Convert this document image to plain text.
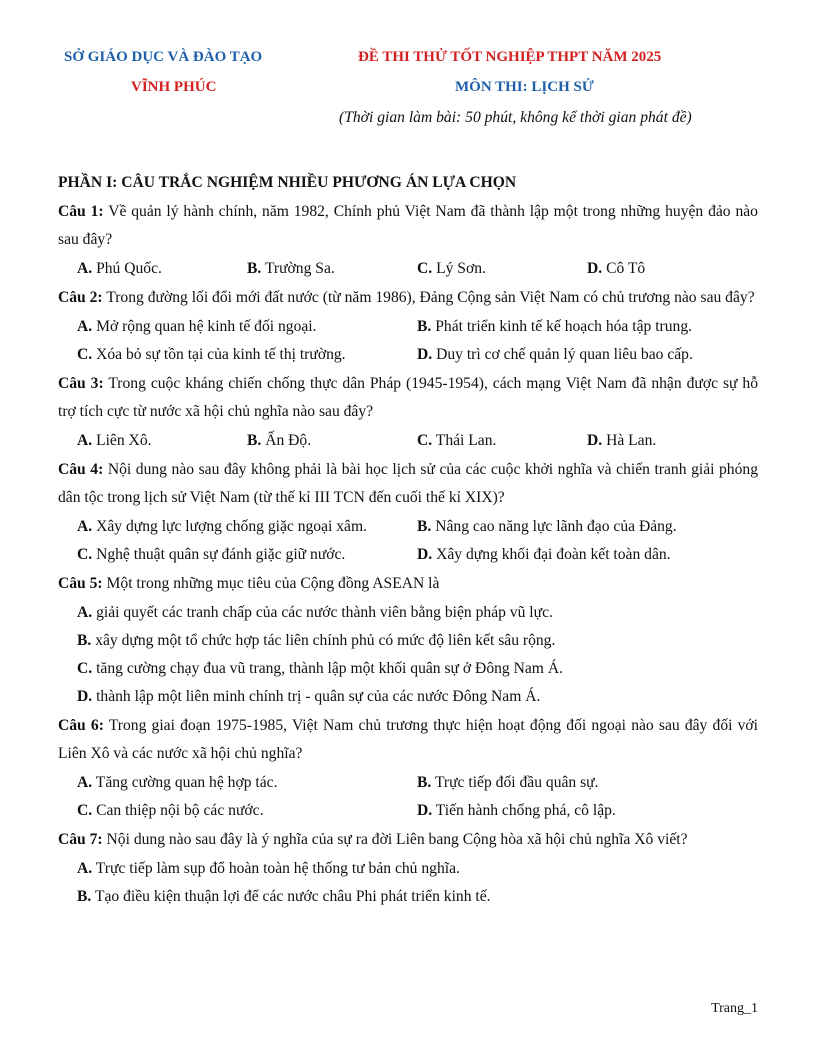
SỞ GIÁO DỤC VÀ ĐÀO TẠO
VĨNH PHÚC
ĐỀ THI THỬ TỐT NGHIỆP THPT NĂM 2025
MÔN THI: LỊCH SỬ
(Thời gian làm bài: 50 phút, không kể thời gian phát đề)
PHẦN I: CÂU TRẮC NGHIỆM NHIỀU PHƯƠNG ÁN LỰA CHỌN
Câu 1: Về quản lý hành chính, năm 1982, Chính phủ Việt Nam đã thành lập một trong những huyện đảo nào sau đây?
A. Phú Quốc.	B. Trường Sa.	C. Lý Sơn.	D. Cô Tô
Câu 2: Trong đường lối đổi mới đất nước (từ năm 1986), Đảng Cộng sản Việt Nam có chủ trương nào sau đây?
A. Mở rộng quan hệ kinh tế đối ngoại.	B. Phát triển kinh tế kế hoạch hóa tập trung.
C. Xóa bỏ sự tồn tại của kinh tế thị trường.	D. Duy trì cơ chế quản lý quan liêu bao cấp.
Câu 3: Trong cuộc kháng chiến chống thực dân Pháp (1945-1954), cách mạng Việt Nam đã nhận được sự hỗ trợ tích cực từ nước xã hội chủ nghĩa nào sau đây?
A. Liên Xô.	B. Ấn Độ.	C. Thái Lan.	D. Hà Lan.
Câu 4: Nội dung nào sau đây không phải là bài học lịch sử của các cuộc khởi nghĩa và chiến tranh giải phóng dân tộc trong lịch sử Việt Nam (từ thế kỉ III TCN đến cuối thế kỉ XIX)?
A. Xây dựng lực lượng chống giặc ngoại xâm.	B. Nâng cao năng lực lãnh đạo của Đảng.
C. Nghệ thuật quân sự đánh giặc giữ nước.	D. Xây dựng khối đại đoàn kết toàn dân.
Câu 5: Một trong những mục tiêu của Cộng đồng ASEAN là
A. giải quyết các tranh chấp của các nước thành viên bằng biện pháp vũ lực.
B. xây dựng một tổ chức hợp tác liên chính phủ có mức độ liên kết sâu rộng.
C. tăng cường chạy đua vũ trang, thành lập một khối quân sự ở Đông Nam Á.
D. thành lập một liên minh chính trị - quân sự của các nước Đông Nam Á.
Câu 6: Trong giai đoạn 1975-1985, Việt Nam chủ trương thực hiện hoạt động đối ngoại nào sau đây đối với Liên Xô và các nước xã hội chủ nghĩa?
A. Tăng cường quan hệ hợp tác.	B. Trực tiếp đối đầu quân sự.
C. Can thiệp nội bộ các nước.	D. Tiến hành chống phá, cô lập.
Câu 7: Nội dung nào sau đây là ý nghĩa của sự ra đời Liên bang Cộng hòa xã hội chủ nghĩa Xô viết?
A. Trực tiếp làm sụp đổ hoàn toàn hệ thống tư bản chủ nghĩa.
B. Tạo điều kiện thuận lợi để các nước châu Phi phát triển kinh tế.
Trang_1
